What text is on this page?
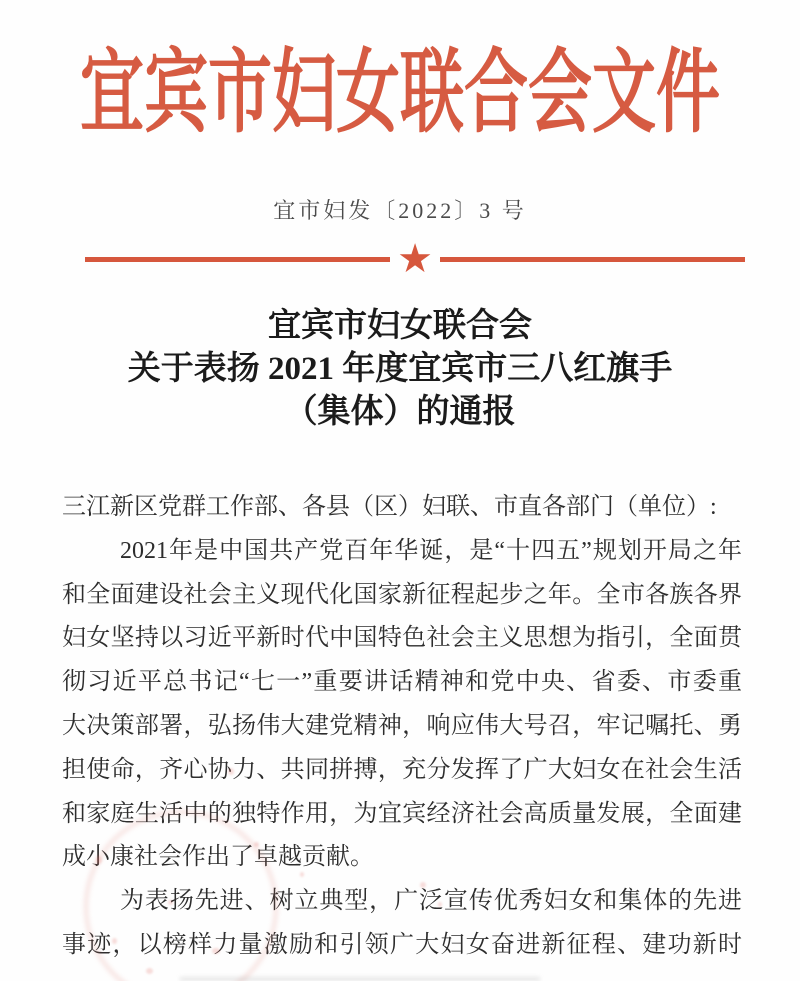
宜宾市妇女联合会文件
宜市妇发〔2022〕3 号
★
宜宾市妇女联合会
关于表扬 2021 年度宜宾市三八红旗手
（集体）的通报
三江新区党群工作部、各县（区）妇联、市直各部门（单位）:
2021年是中国共产党百年华诞，是“十四五”规划开局之年
和全面建设社会主义现代化国家新征程起步之年。全市各族各界
妇女坚持以习近平新时代中国特色社会主义思想为指引，全面贯
彻习近平总书记“七一”重要讲话精神和党中央、省委、市委重
大决策部署，弘扬伟大建党精神，响应伟大号召，牢记嘱托、勇
担使命，齐心协力、共同拼搏，充分发挥了广大妇女在社会生活
和家庭生活中的独特作用，为宜宾经济社会高质量发展，全面建
成小康社会作出了卓越贡献。
为表扬先进、树立典型，广泛宣传优秀妇女和集体的先进
事迹，以榜样力量激励和引领广大妇女奋进新征程、建功新时
